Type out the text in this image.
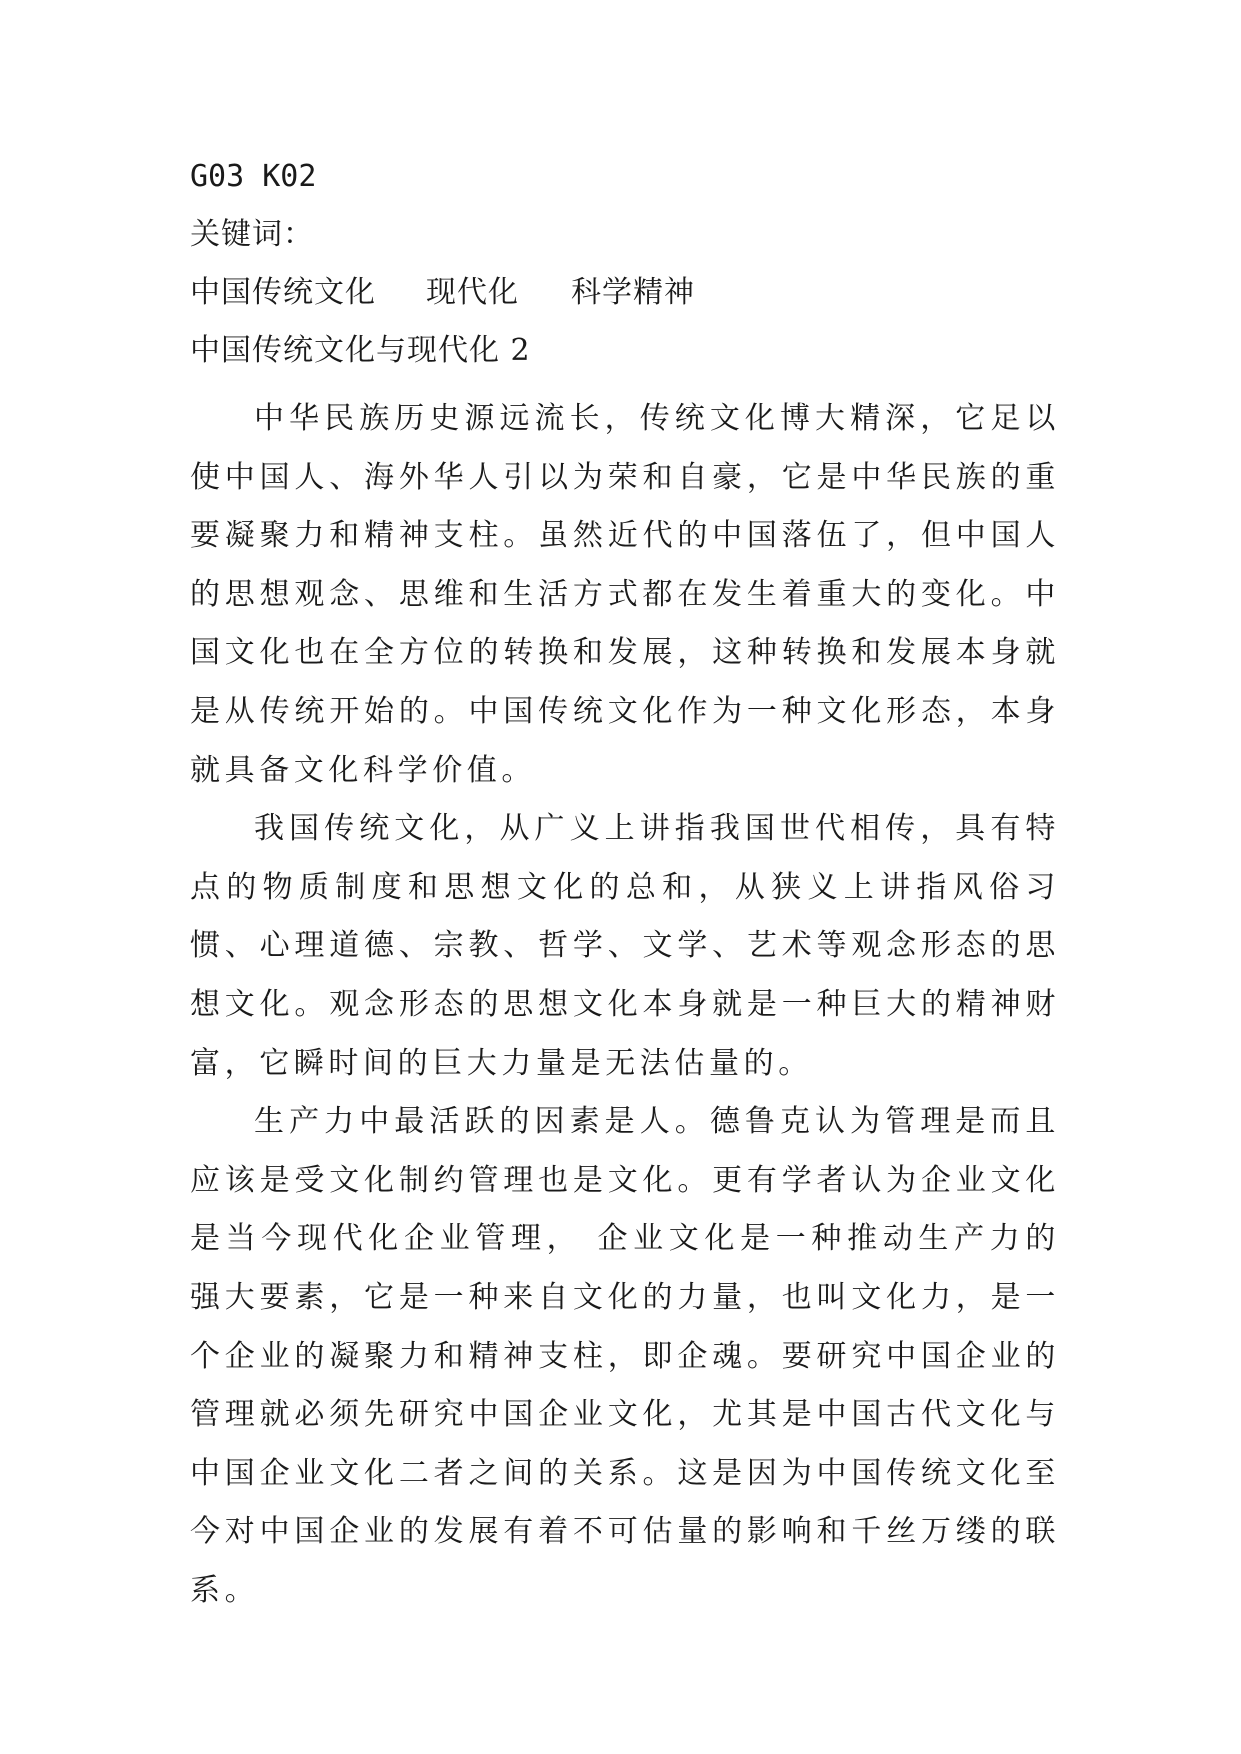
G03 K02
关键词：
中国传统文化 现代化 科学精神
中国传统文化与现代化 2

中华民族历史源远流长，传统文化博大精深，它足以使中国人、海外华人引以为荣和自豪，它是中华民族的重要凝聚力和精神支柱。虽然近代的中国落伍了，但中国人的思想观念、思维和生活方式都在发生着重大的变化。中国文化也在全方位的转换和发展，这种转换和发展本身就是从传统开始的。中国传统文化作为一种文化形态，本身就具备文化科学价值。

我国传统文化，从广义上讲指我国世代相传，具有特点的物质制度和思想文化的总和，从狭义上讲指风俗习惯、心理道德、宗教、哲学、文学、艺术等观念形态的思想文化。观念形态的思想文化本身就是一种巨大的精神财富，它瞬时间的巨大力量是无法估量的。

生产力中最活跃的因素是人。德鲁克认为管理是而且应该是受文化制约管理也是文化。更有学者认为企业文化是当今现代化企业管理， 企业文化是一种推动生产力的强大要素，它是一种来自文化的力量，也叫文化力，是一个企业的凝聚力和精神支柱，即企魂。要研究中国企业的管理就必须先研究中国企业文化，尤其是中国古代文化与中国企业文化二者之间的关系。这是因为中国传统文化至今对中国企业的发展有着不可估量的影响和千丝万缕的联系。
